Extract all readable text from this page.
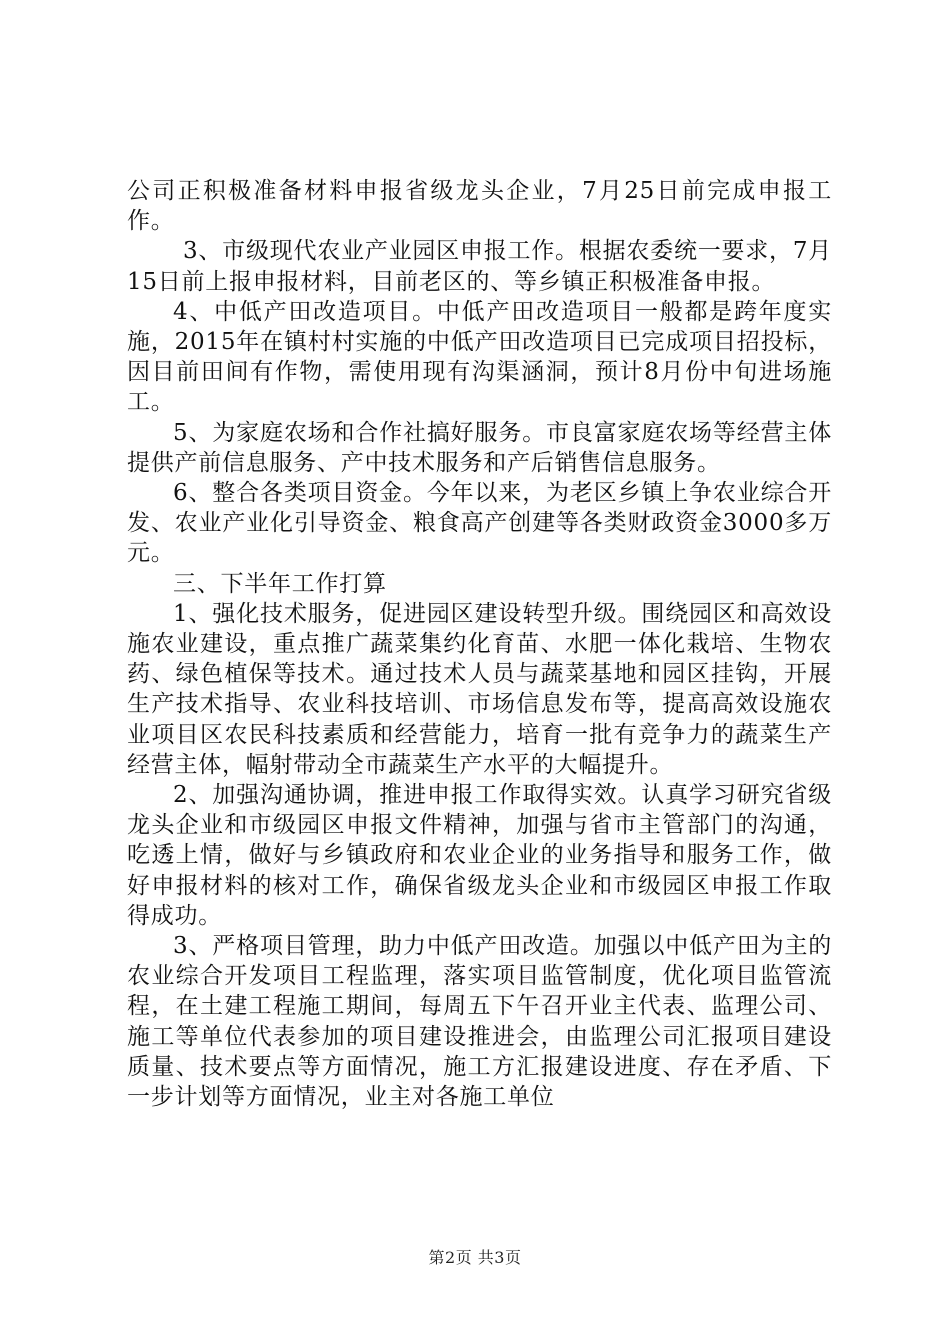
公司正积极准备材料申报省级龙头企业，7月25日前完成申报工作。

3、市级现代农业产业园区申报工作。根据农委统一要求，7月15日前上报申报材料，目前老区的、等乡镇正积极准备申报。

4、中低产田改造项目。中低产田改造项目一般都是跨年度实施，2015年在镇村村实施的中低产田改造项目已完成项目招投标，因目前田间有作物，需使用现有沟渠涵洞，预计8月份中旬进场施工。

5、为家庭农场和合作社搞好服务。市良富家庭农场等经营主体提供产前信息服务、产中技术服务和产后销售信息服务。

6、整合各类项目资金。今年以来，为老区乡镇上争农业综合开发、农业产业化引导资金、粮食高产创建等各类财政资金3000多万元。

三、下半年工作打算

1、强化技术服务，促进园区建设转型升级。围绕园区和高效设施农业建设，重点推广蔬菜集约化育苗、水肥一体化栽培、生物农药、绿色植保等技术。通过技术人员与蔬菜基地和园区挂钩，开展生产技术指导、农业科技培训、市场信息发布等，提高高效设施农业项目区农民科技素质和经营能力，培育一批有竞争力的蔬菜生产经营主体，幅射带动全市蔬菜生产水平的大幅提升。

2、加强沟通协调，推进申报工作取得实效。认真学习研究省级龙头企业和市级园区申报文件精神，加强与省市主管部门的沟通，吃透上情，做好与乡镇政府和农业企业的业务指导和服务工作，做好申报材料的核对工作，确保省级龙头企业和市级园区申报工作取得成功。

3、严格项目管理，助力中低产田改造。加强以中低产田为主的农业综合开发项目工程监理，落实项目监管制度，优化项目监管流程，在土建工程施工期间，每周五下午召开业主代表、监理公司、施工等单位代表参加的项目建设推进会，由监理公司汇报项目建设质量、技术要点等方面情况，施工方汇报建设进度、存在矛盾、下一步计划等方面情况，业主对各施工单位

第2页 共3页
